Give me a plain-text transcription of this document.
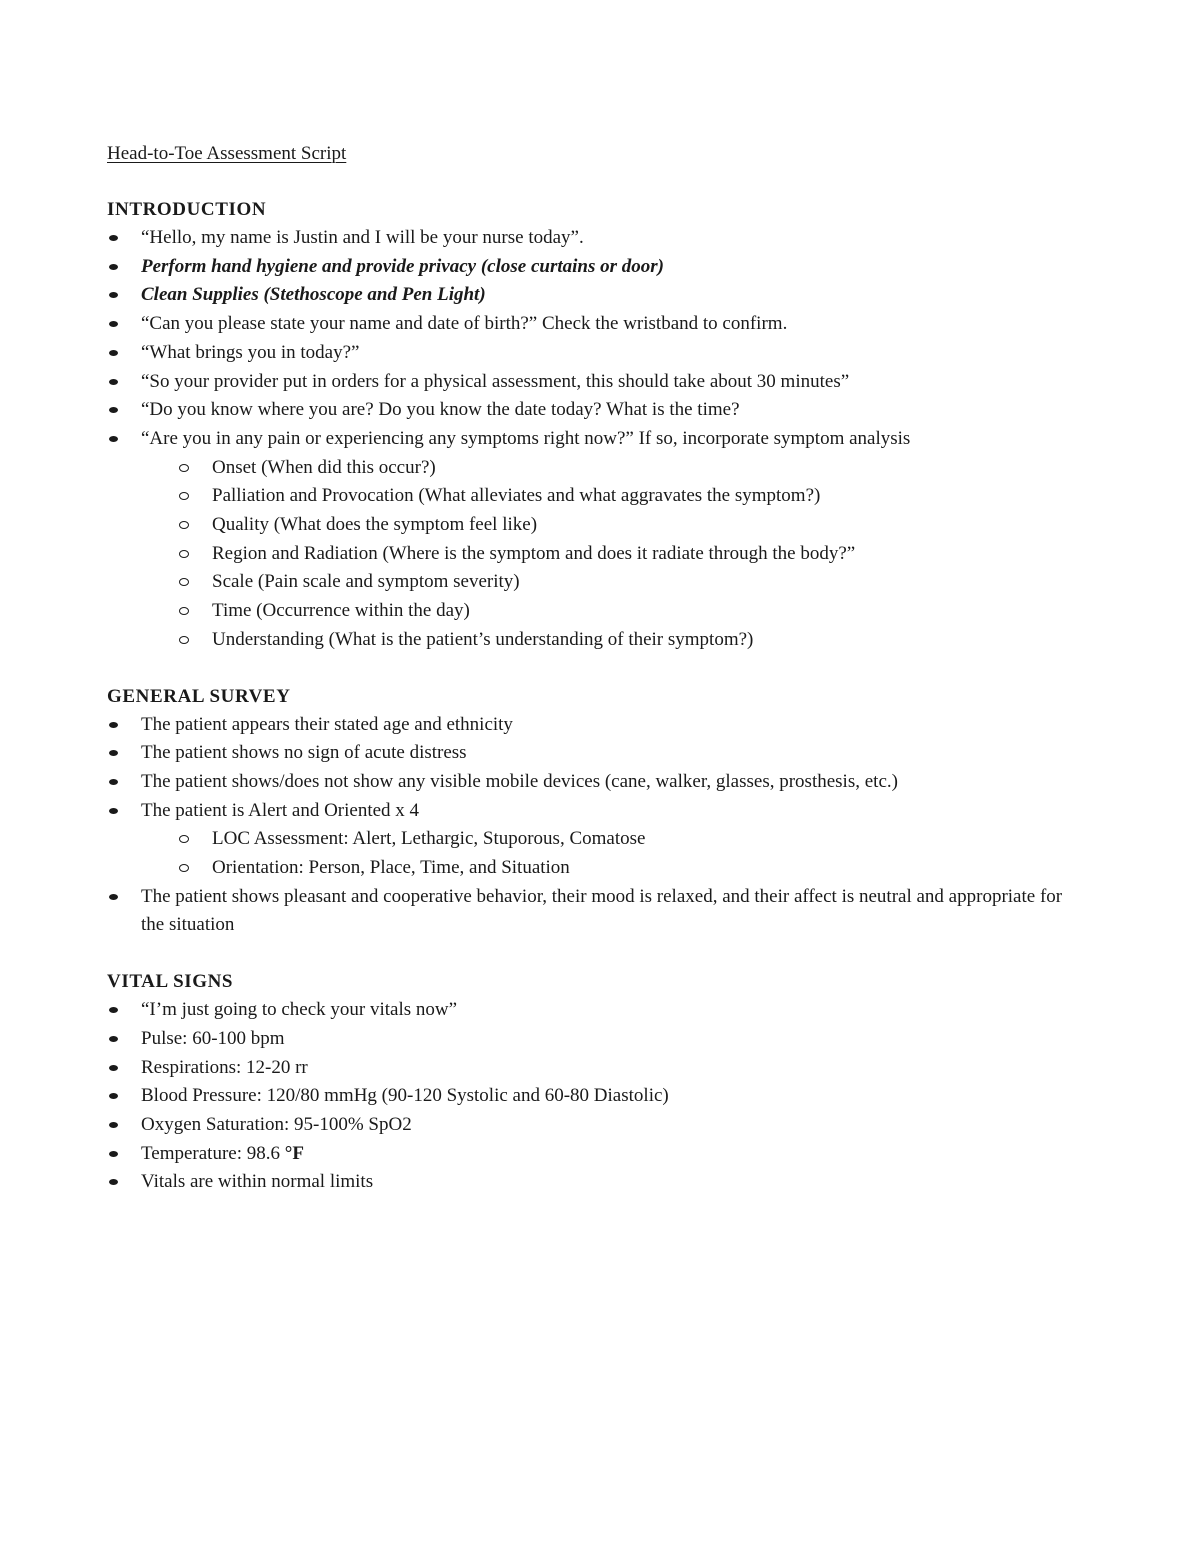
Head-to-Toe Assessment Script
INTRODUCTION
“Hello, my name is Justin and I will be your nurse today”.
Perform hand hygiene and provide privacy (close curtains or door)
Clean Supplies (Stethoscope and Pen Light)
“Can you please state your name and date of birth?” Check the wristband to confirm.
“What brings you in today?”
“So your provider put in orders for a physical assessment, this should take about 30 minutes”
“Do you know where you are? Do you know the date today? What is the time?
“Are you in any pain or experiencing any symptoms right now?” If so, incorporate symptom analysis
Onset (When did this occur?)
Palliation and Provocation (What alleviates and what aggravates the symptom?)
Quality (What does the symptom feel like)
Region and Radiation (Where is the symptom and does it radiate through the body?”
Scale (Pain scale and symptom severity)
Time (Occurrence within the day)
Understanding (What is the patient’s understanding of their symptom?)
GENERAL SURVEY
The patient appears their stated age and ethnicity
The patient shows no sign of acute distress
The patient shows/does not show any visible mobile devices (cane, walker, glasses, prosthesis, etc.)
The patient is Alert and Oriented x 4
LOC Assessment: Alert, Lethargic, Stuporous, Comatose
Orientation: Person, Place, Time, and Situation
The patient shows pleasant and cooperative behavior, their mood is relaxed, and their affect is neutral and appropriate for the situation
VITAL SIGNS
“I’m just going to check your vitals now”
Pulse: 60-100 bpm
Respirations: 12-20 rr
Blood Pressure: 120/80 mmHg (90-120 Systolic and 60-80 Diastolic)
Oxygen Saturation: 95-100% SpO2
Temperature: 98.6 °F
Vitals are within normal limits
